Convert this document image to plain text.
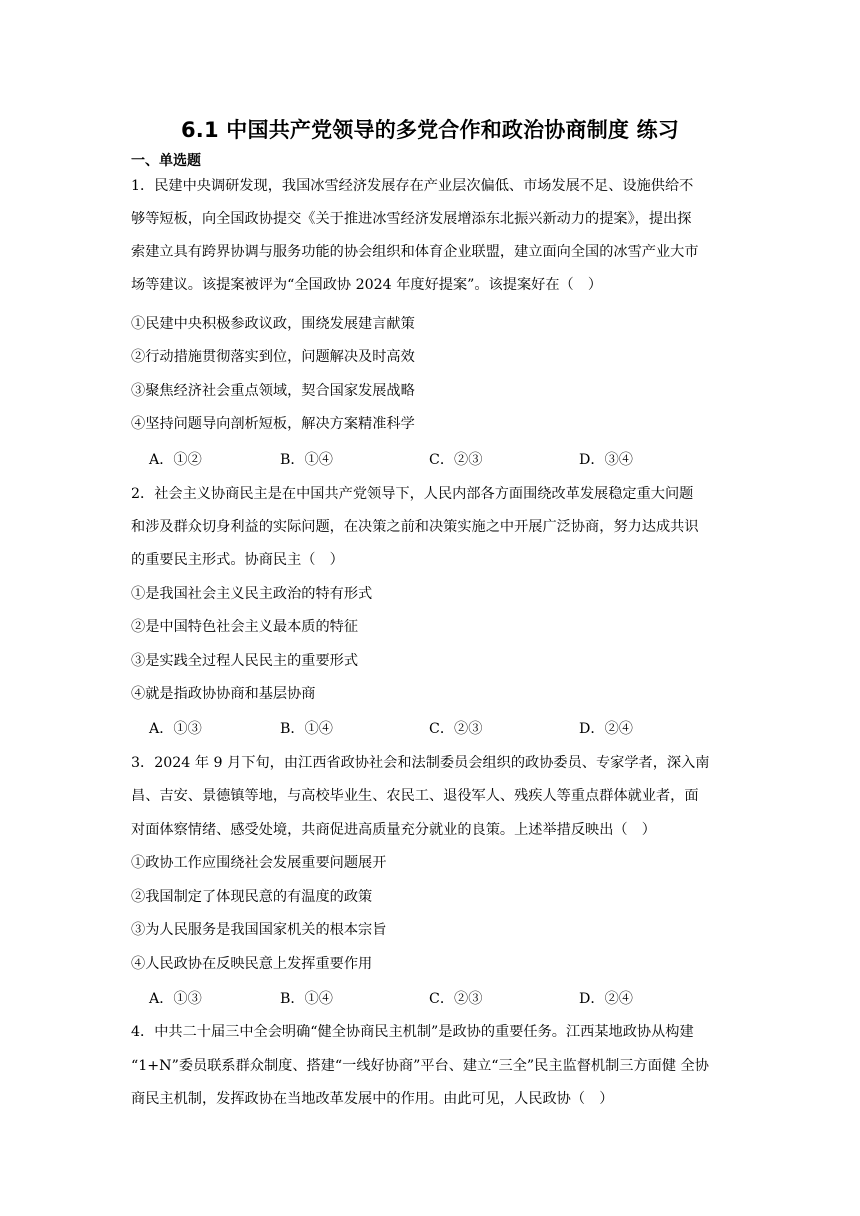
6.1 中国共产党领导的多党合作和政治协商制度 练习
一、单选题
1．民建中央调研发现，我国冰雪经济发展存在产业层次偏低、市场发展不足、设施供给不
够等短板，向全国政协提交《关于推进冰雪经济发展增添东北振兴新动力的提案》，提出探
索建立具有跨界协调与服务功能的协会组织和体育企业联盟，建立面向全国的冰雪产业大市
场等建议。该提案被评为“全国政协 2024 年度好提案”。该提案好在（　）
①民建中央积极参政议政，围绕发展建言献策
②行动措施贯彻落实到位，问题解决及时高效
③聚焦经济社会重点领域，契合国家发展战略
④坚持问题导向剖析短板，解决方案精准科学
A．①②	B．①④	C．②③	D．③④
2．社会主义协商民主是在中国共产党领导下，人民内部各方面围绕改革发展稳定重大问题
和涉及群众切身利益的实际问题，在决策之前和决策实施之中开展广泛协商，努力达成共识
的重要民主形式。协商民主（　）
①是我国社会主义民主政治的特有形式
②是中国特色社会主义最本质的特征
③是实践全过程人民民主的重要形式
④就是指政协协商和基层协商
A．①③	B．①④	C．②③	D．②④
3．2024 年 9 月下旬，由江西省政协社会和法制委员会组织的政协委员、专家学者，深入南
昌、吉安、景德镇等地，与高校毕业生、农民工、退役军人、残疾人等重点群体就业者，面
对面体察情绪、感受处境，共商促进高质量充分就业的良策。上述举措反映出（　）
①政协工作应围绕社会发展重要问题展开
②我国制定了体现民意的有温度的政策
③为人民服务是我国国家机关的根本宗旨
④人民政协在反映民意上发挥重要作用
A．①③	B．①④	C．②③	D．②④
4．中共二十届三中全会明确“健全协商民主机制”是政协的重要任务。江西某地政协从构建
“1+N”委员联系群众制度、搭建“一线好协商”平台、建立“三全”民主监督机制三方面健 全协
商民主机制，发挥政协在当地改革发展中的作用。由此可见，人民政协（　）
